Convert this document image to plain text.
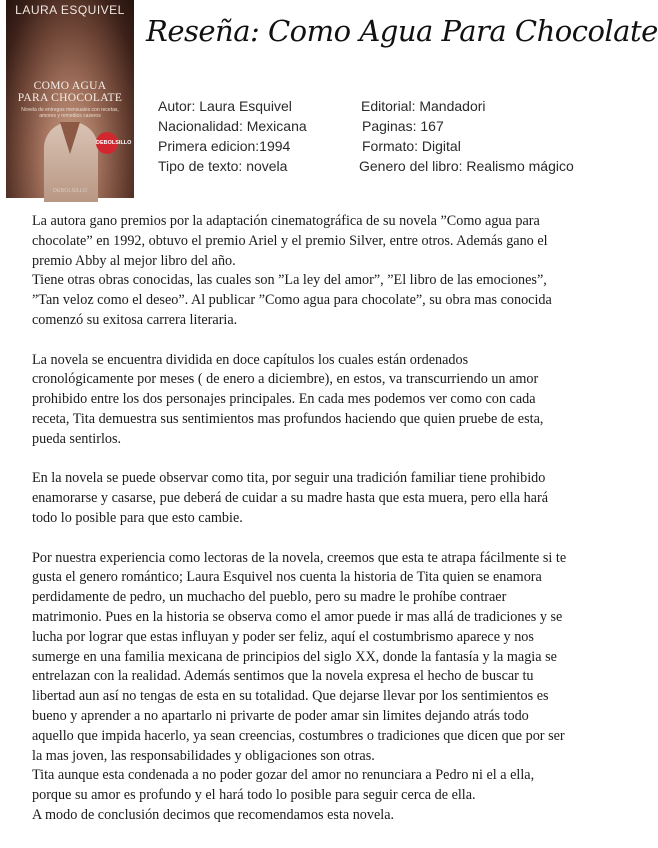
LAURA ESQUIVEL
COMO AGUA
PARA CHOCOLATE
Novela de entregas mensuales con recetas, amores y remedios caseros
DEBOLSILLO
DEBOLSILLO
Reseña: Como Agua Para Chocolate
Autor: Laura Esquivel	Editorial: Mandadori
Nacionalidad: Mexicana	Paginas: 167
Primera edicion:1994	Formato: Digital
Tipo de texto: novela	Genero del libro: Realismo mágico

La autora gano premios por la adaptación cinematográfica de su novela ”Como agua para chocolate” en 1992, obtuvo el premio Ariel y el premio Silver, entre otros. Además gano el premio Abby al mejor libro del año.

Tiene otras obras conocidas, las cuales son ”La ley del amor”, ”El libro de las emociones”, ”Tan veloz como el deseo”. Al publicar ”Como agua para chocolate”, su obra mas conocida comenzó su exitosa carrera literaria.

La novela se encuentra dividida en doce capítulos los cuales están ordenados cronológicamente por meses ( de enero a diciembre), en estos, va transcurriendo un amor prohibido entre los dos personajes principales. En cada mes podemos ver como con cada receta, Tita demuestra sus sentimientos mas profundos haciendo que quien pruebe de esta, pueda sentirlos.

En la novela se puede observar como tita, por seguir una tradición familiar tiene prohibido enamorarse y casarse, pue deberá de cuidar a su madre hasta que esta muera, pero ella hará todo lo posible para que esto cambie.

Por nuestra experiencia como lectoras de la novela, creemos que esta te atrapa fácilmente si te gusta el genero romántico; Laura Esquivel nos cuenta la historia de Tita quien se enamora perdidamente de pedro, un muchacho del pueblo, pero su madre le prohíbe contraer matrimonio. Pues en la historia se observa como el amor puede ir mas allá de tradiciones y se lucha por lograr que estas influyan y poder ser feliz, aquí el costumbrismo aparece y nos sumerge en una familia mexicana de principios del siglo XX, donde la fantasía y la magia se entrelazan con la realidad. Además sentimos que la novela expresa el hecho de buscar tu libertad aun así no tengas de esta en su totalidad. Que dejarse llevar por los sentimientos es bueno y aprender a no apartarlo ni privarte de poder amar sin limites dejando atrás todo aquello que impida hacerlo, ya sean creencias, costumbres o tradiciones que dicen que por ser la mas joven, las responsabilidades y obligaciones son otras.

Tita aunque esta condenada a no poder gozar del amor no renunciara a Pedro ni el a ella, porque su amor es profundo y el hará todo lo posible para seguir cerca de ella.

A modo de conclusión decimos que recomendamos esta novela.
